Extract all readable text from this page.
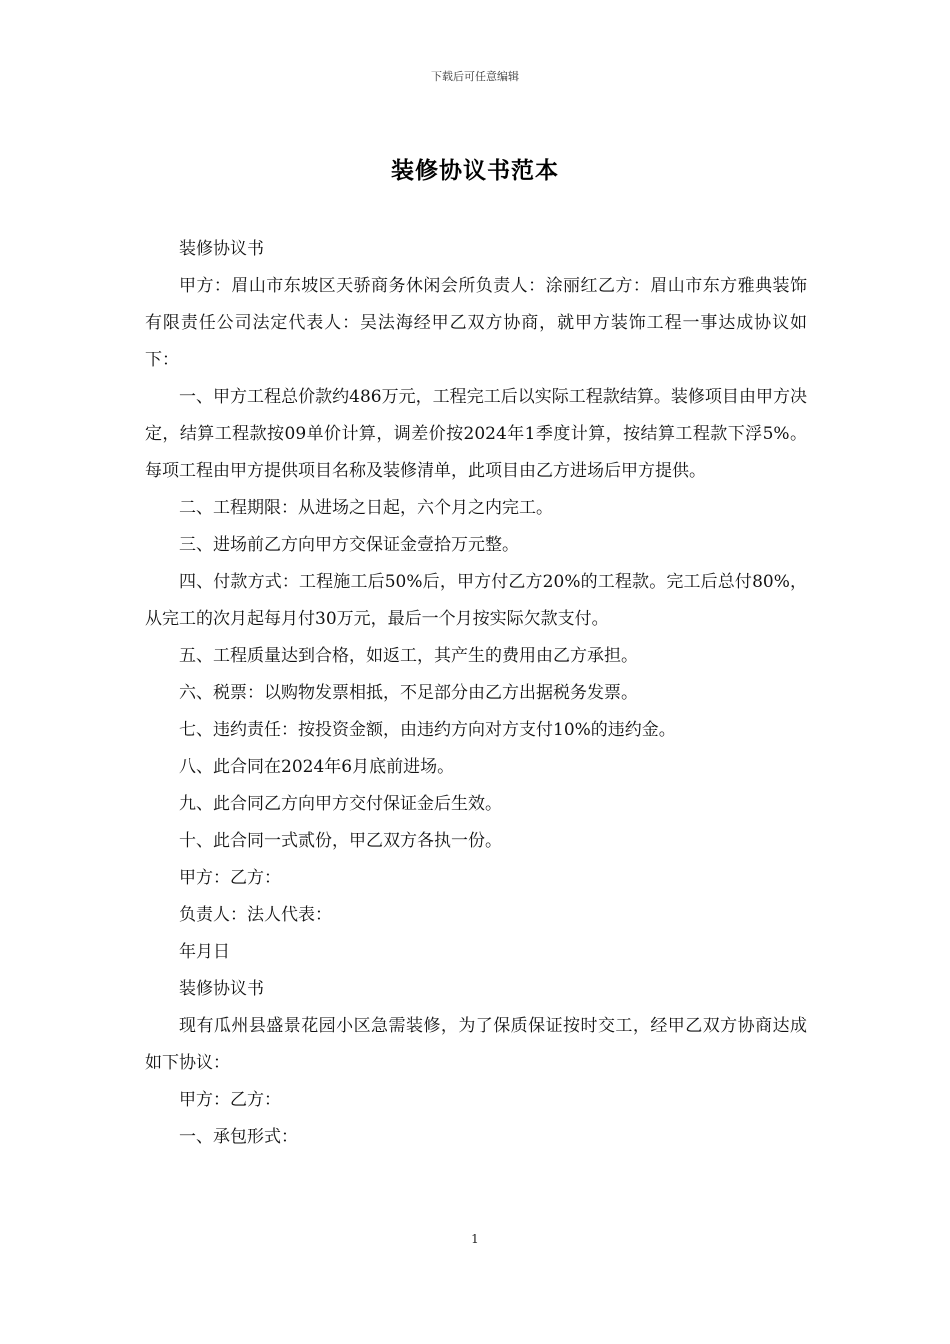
下载后可任意编辑
装修协议书范本

装修协议书

甲方：眉山市东坡区天骄商务休闲会所负责人：涂丽红乙方：眉山市东方雅典装饰有限责任公司法定代表人：吴法海经甲乙双方协商，就甲方装饰工程一事达成协议如下：

一、甲方工程总价款约486万元，工程完工后以实际工程款结算。装修项目由甲方决定，结算工程款按09单价计算，调差价按2024年1季度计算，按结算工程款下浮5%。每项工程由甲方提供项目名称及装修清单，此项目由乙方进场后甲方提供。

二、工程期限：从进场之日起，六个月之内完工。

三、进场前乙方向甲方交保证金壹拾万元整。

四、付款方式：工程施工后50%后，甲方付乙方20%的工程款。完工后总付80%，从完工的次月起每月付30万元，最后一个月按实际欠款支付。

五、工程质量达到合格，如返工，其产生的费用由乙方承担。

六、税票：以购物发票相抵，不足部分由乙方出据税务发票。

七、违约责任：按投资金额，由违约方向对方支付10%的违约金。

八、此合同在2024年6月底前进场。

九、此合同乙方向甲方交付保证金后生效。

十、此合同一式贰份，甲乙双方各执一份。

甲方：乙方：

负责人：法人代表：

年月日

装修协议书

现有瓜州县盛景花园小区急需装修，为了保质保证按时交工，经甲乙双方协商达成如下协议：

甲方：乙方：

一、承包形式：

1
